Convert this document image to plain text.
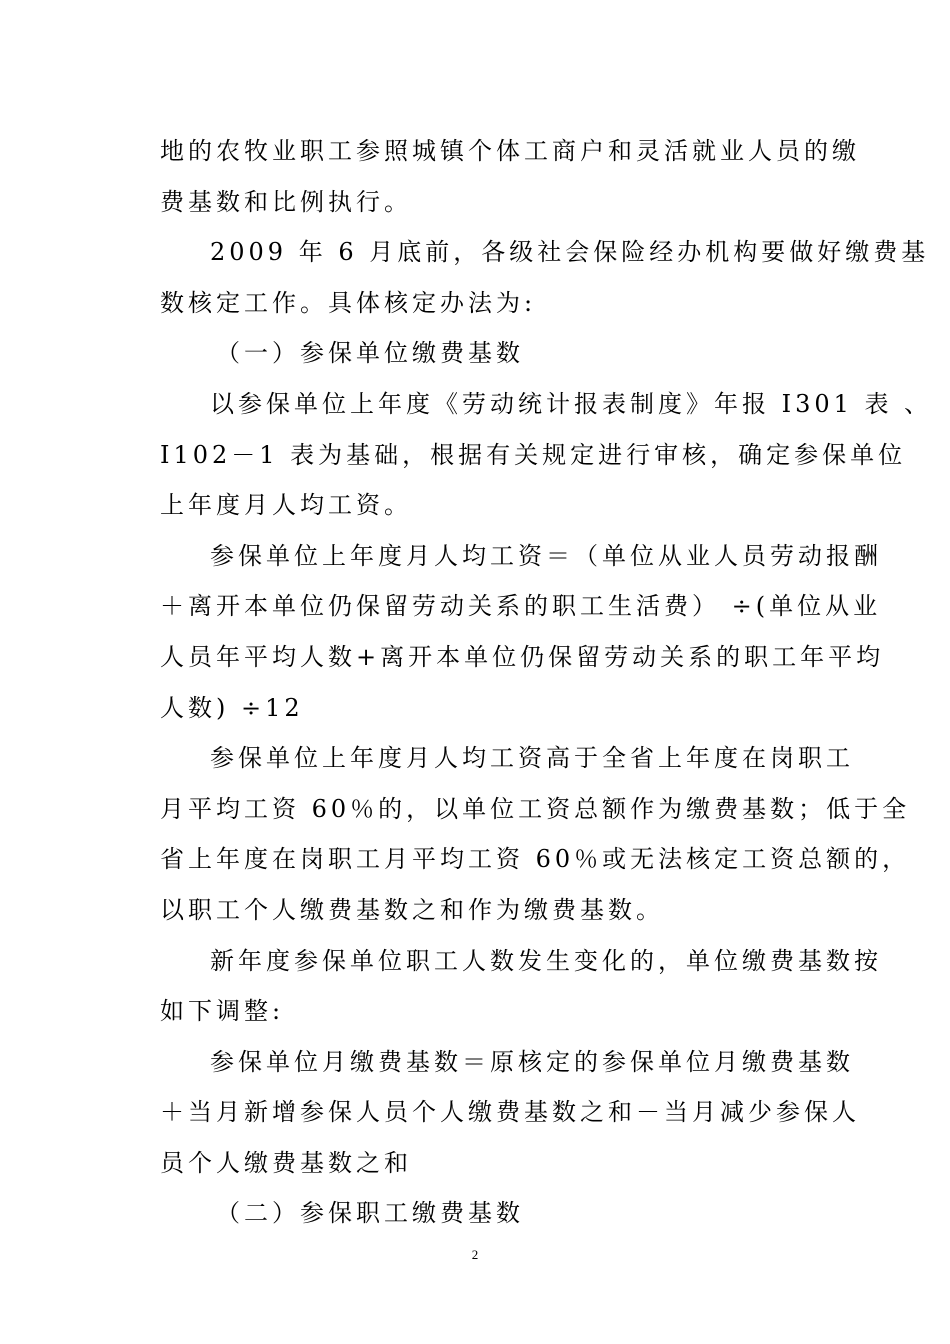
地的农牧业职工参照城镇个体工商户和灵活就业人员的缴
费基数和比例执行。
2009 年 6 月底前，各级社会保险经办机构要做好缴费基
数核定工作。具体核定办法为:
（一）参保单位缴费基数
以参保单位上年度《劳动统计报表制度》年报 I301 表 、
I102－1 表为基础，根据有关规定进行审核，确定参保单位
上年度月人均工资。
参保单位上年度月人均工资＝（单位从业人员劳动报酬
＋离开本单位仍保留劳动关系的职工生活费） ÷(单位从业
人员年平均人数+离开本单位仍保留劳动关系的职工年平均
人数) ÷12
参保单位上年度月人均工资高于全省上年度在岗职工
月平均工资 60％的，以单位工资总额作为缴费基数；低于全
省上年度在岗职工月平均工资 60％或无法核定工资总额的，
以职工个人缴费基数之和作为缴费基数。
新年度参保单位职工人数发生变化的，单位缴费基数按
如下调整:
参保单位月缴费基数＝原核定的参保单位月缴费基数
＋当月新增参保人员个人缴费基数之和－当月减少参保人
员个人缴费基数之和
（二）参保职工缴费基数
2
